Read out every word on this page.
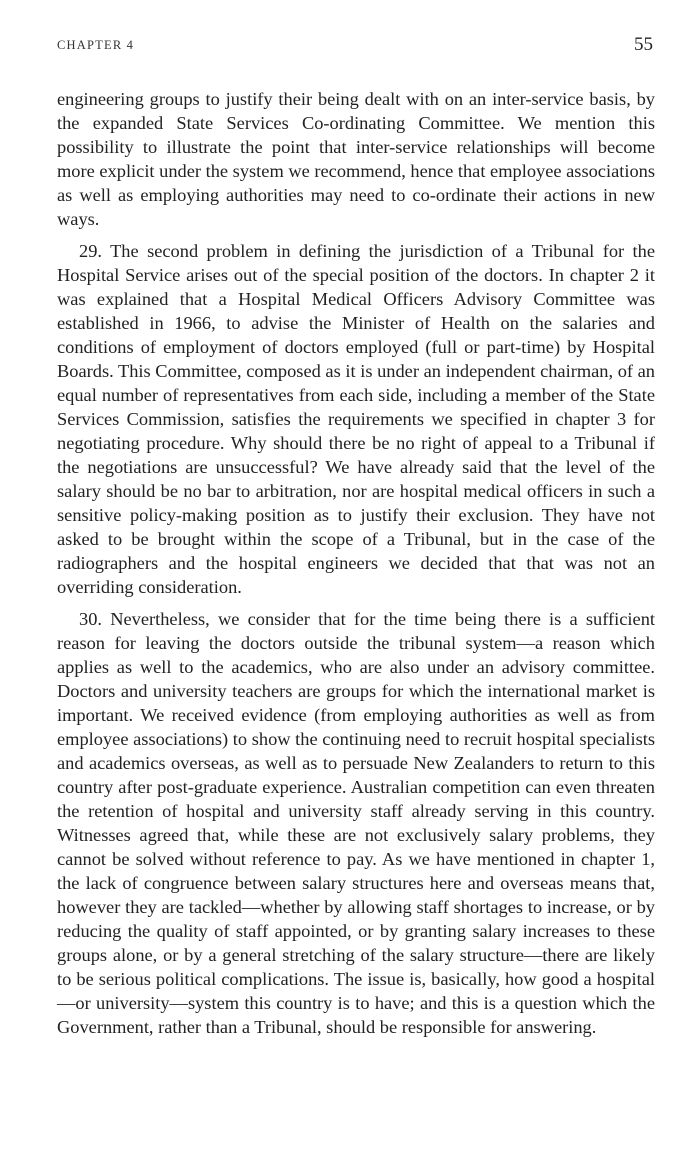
CHAPTER 4	55

engineering groups to justify their being dealt with on an inter-service basis, by the expanded State Services Co-ordinating Committee. We mention this possibility to illustrate the point that inter-service relationships will become more explicit under the system we recommend, hence that employee associations as well as employing authorities may need to co-ordinate their actions in new ways.

29. The second problem in defining the jurisdiction of a Tribunal for the Hospital Service arises out of the special position of the doctors. In chapter 2 it was explained that a Hospital Medical Officers Advisory Committee was established in 1966, to advise the Minister of Health on the salaries and conditions of employment of doctors employed (full or part-time) by Hospital Boards. This Committee, composed as it is under an independent chairman, of an equal number of representatives from each side, including a member of the State Services Commission, satisfies the requirements we specified in chapter 3 for negotiating procedure. Why should there be no right of appeal to a Tribunal if the negotiations are unsuccessful? We have already said that the level of the salary should be no bar to arbitration, nor are hospital medical officers in such a sensitive policy-making position as to justify their exclusion. They have not asked to be brought within the scope of a Tribunal, but in the case of the radiographers and the hospital engineers we decided that that was not an overriding consideration.

30. Nevertheless, we consider that for the time being there is a sufficient reason for leaving the doctors outside the tribunal system—a reason which applies as well to the academics, who are also under an advisory committee. Doctors and university teachers are groups for which the international market is important. We received evidence (from employing authorities as well as from employee associations) to show the continuing need to recruit hospital specialists and academics overseas, as well as to persuade New Zealanders to return to this country after post-graduate experience. Australian competition can even threaten the retention of hospital and university staff already serving in this country. Witnesses agreed that, while these are not exclusively salary problems, they cannot be solved without reference to pay. As we have mentioned in chapter 1, the lack of congruence between salary structures here and overseas means that, however they are tackled—whether by allowing staff shortages to increase, or by reducing the quality of staff appointed, or by granting salary increases to these groups alone, or by a general stretching of the salary structure—there are likely to be serious political complications. The issue is, basically, how good a hospital—or university—system this country is to have; and this is a question which the Government, rather than a Tribunal, should be responsible for answering.
